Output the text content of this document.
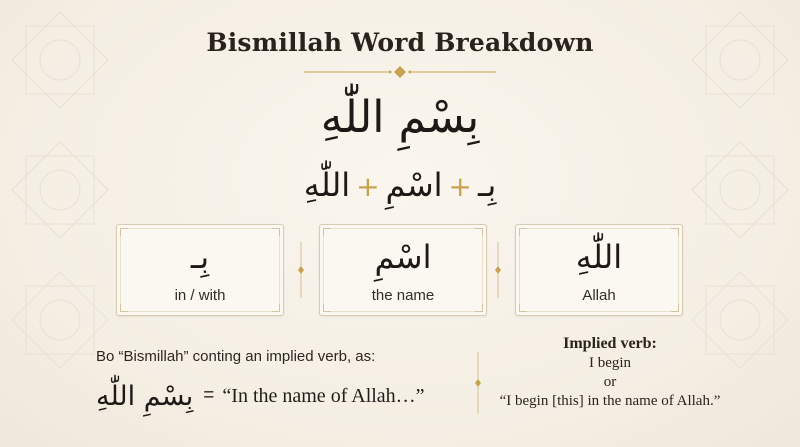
Bismillah Word Breakdown
بِسْمِ اللّٰهِ
بِـ+اسْمِ+اللّٰهِ
بِـ
in / with
اسْمِ
the name
اللّٰهِ
Allah
Bo “Bismillah” conting an implied verb, as:
بِسْمِ اللّٰهِ = “In the name of Allah…”
Implied verb:
I begin
or
“I begin [this] in the name of Allah.”
